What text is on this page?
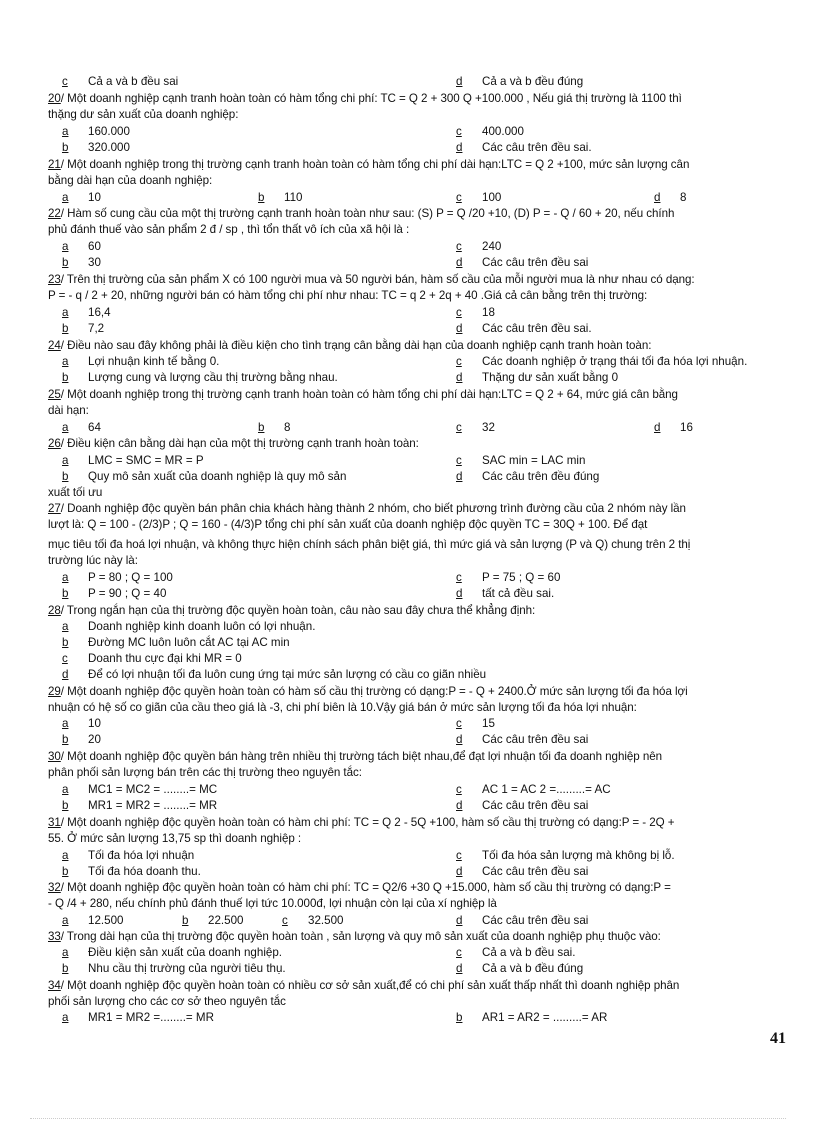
c Cả a và b đều sai	d Cả a và b đều đúng
20/ Một doanh nghiệp cạnh tranh hoàn toàn có hàm tổng chi phí: TC = Q 2 + 300 Q +100.000 , Nếu giá thị trường là 1100 thì
thặng dư sản xuất của doanh nghiệp:
a 160.000	c 400.000
b 320.000	d Các câu trên đều sai.
21/ Một doanh nghiệp trong thị trường cạnh tranh hoàn toàn có hàm tổng chi phí dài hạn:LTC = Q 2 +100, mức sản lượng cân
bằng dài hạn của doanh nghiệp:
a 10	b 110	c 100	d 8
22/ Hàm số cung cầu của một thị trường cạnh tranh hoàn toàn như sau: (S) P = Q /20 +10, (D) P = - Q / 60 + 20, nếu chính
phủ đánh thuế vào sản phẩm 2 đ / sp , thì tổn thất vô ích của xã hội là :
a 60	c 240
b 30	d Các câu trên đều sai
23/ Trên thị trường của sản phẩm X có 100 người mua và 50 người bán, hàm số cầu của mỗi người mua là như nhau có dạng:
P = - q / 2 + 20, những người bán có hàm tổng chi phí như nhau: TC = q 2 + 2q + 40 .Giá cả cân bằng trên thị trường:
a 16,4	c 18
b 7,2	d Các câu trên đều sai.
24/ Điều nào sau đây không phải là điều kiện cho tình trạng cân bằng dài hạn của doanh nghiệp cạnh tranh hoàn toàn:
a Lợi nhuận kinh tế bằng 0.	c Các doanh nghiệp ở trạng thái tối đa hóa lợi nhuận.
b Lượng cung và lượng cầu thị trường bằng nhau.	d Thặng dư sản xuất bằng 0
25/ Một doanh nghiệp trong thị trường cạnh tranh hoàn toàn có hàm tổng chi phí dài hạn:LTC = Q 2 + 64, mức giá cân bằng
dài hạn:
a 64	b 8	c 32	d 16
26/ Điều kiện cân bằng dài hạn của một thị trường cạnh tranh hoàn toàn:
a LMC = SMC = MR = P	c SAC min = LAC min
b Quy mô sản xuất của doanh nghiệp là quy mô sản	d Các câu trên đều đúng
xuất tối ưu
27/ Doanh nghiệp độc quyền bán phân chia khách hàng thành 2 nhóm, cho biết phương trình đường cầu của 2 nhóm này lần
lượt là: Q = 100 - (2/3)P ; Q = 160 - (4/3)P tổng chi phí sản xuất của doanh nghiệp độc quyền TC = 30Q + 100. Để đạt
mục tiêu tối đa hoá lợi nhuận, và không thực hiện chính sách phân biệt giá, thì mức giá và sản lượng (P và Q) chung trên 2 thị
trường lúc này là:
a P = 80 ; Q = 100	c P = 75 ; Q = 60
b P = 90 ; Q = 40	d tất cả đều sai.
28/ Trong ngắn hạn của thị trường độc quyền hoàn toàn, câu nào sau đây chưa thể khẳng định:
a Doanh nghiệp kinh doanh luôn có lợi nhuận.
b Đường MC luôn luôn cắt AC tại AC min
c Doanh thu cực đại khi MR = 0
d Để có lợi nhuận tối đa luôn cung ứng tại mức sản lượng có cầu co giãn nhiều
29/ Một doanh nghiệp độc quyền hoàn toàn có hàm số cầu thị trường có dạng:P = - Q + 2400.Ở mức sản lượng tối đa hóa lợi
nhuận có hệ số co giãn của cầu theo giá là -3, chi phí biên là 10.Vậy giá bán ở mức sản lượng tối đa hóa lợi nhuận:
a 10	c 15
b 20	d Các câu trên đều sai
30/ Một doanh nghiệp độc quyền bán hàng trên nhiều thị trường tách biệt nhau,để đạt lợi nhuận tối đa doanh nghiệp nên
phân phối sản lượng bán trên các thị trường theo nguyên tắc:
a MC1 = MC2 = ........= MC	c AC 1 = AC 2 =.........= AC
b MR1 = MR2 = ........= MR	d Các câu trên đều sai
31/ Một doanh nghiệp độc quyền hoàn toàn có hàm chi phí: TC = Q 2 - 5Q +100, hàm số cầu thị trường có dạng:P = - 2Q +
55. Ở mức sản lượng 13,75 sp thì doanh nghiệp :
a Tối đa hóa lợi nhuận	c Tối đa hóa sản lượng mà không bị lỗ.
b Tối đa hóa doanh thu.	d Các câu trên đều sai
32/ Một doanh nghiệp độc quyền hoàn toàn có hàm chi phí: TC = Q2/6 +30 Q +15.000, hàm số cầu thị trường có dạng:P =
- Q /4 + 280, nếu chính phủ đánh thuế lợi tức 10.000đ, lợi nhuận còn lại của xí nghiệp là
a 12.500	b 22.500	c 32.500	d Các câu trên đều sai
33/ Trong dài hạn của thị trường độc quyền hoàn toàn , sản lượng và quy mô sản xuất của doanh nghiệp phụ thuộc vào:
a Điều kiện sản xuất của doanh nghiệp.	c Cả a và b đều sai.
b Nhu cầu thị trường của người tiêu thụ.	d Cả a và b đều đúng
34/ Một doanh nghiệp độc quyền hoàn toàn có nhiều cơ sở sản xuất,để có chi phí sản xuất thấp nhất thì doanh nghiệp phân
phối sản lượng cho các cơ sở theo nguyên tắc
a MR1 = MR2 =........= MR	b AR1 = AR2 = .........= AR
41
